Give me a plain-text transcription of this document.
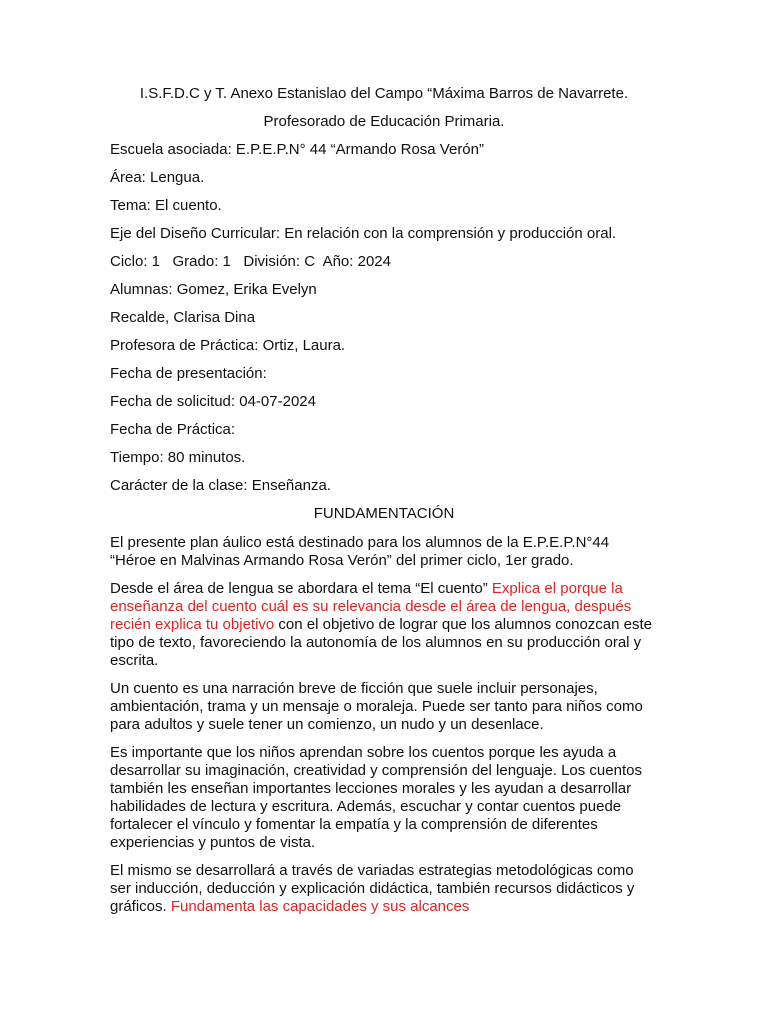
I.S.F.D.C y T. Anexo Estanislao del Campo “Máxima Barros de Navarrete.
Profesorado de Educación Primaria.
Escuela asociada: E.P.E.P.N° 44 “Armando Rosa Verón”
Área: Lengua.
Tema: El cuento.
Eje del Diseño Curricular: En relación con la comprensión y producción oral.
Ciclo: 1   Grado: 1   División: C  Año: 2024
Alumnas: Gomez, Erika Evelyn
Recalde, Clarisa Dina
Profesora de Práctica: Ortiz, Laura.
Fecha de presentación:
Fecha de solicitud: 04-07-2024
Fecha de Práctica:
Tiempo: 80 minutos.
Carácter de la clase: Enseñanza.
FUNDAMENTACIÓN

El presente plan áulico está destinado para los alumnos de la E.P.E.P.N°44 “Héroe en Malvinas Armando Rosa Verón” del primer ciclo, 1er grado.

Desde el área de lengua se abordara el tema “El cuento” Explica el porque la enseñanza del cuento cuál es su relevancia desde el área de lengua, después recién explica tu objetivo con el objetivo de lograr que los alumnos conozcan este tipo de texto, favoreciendo la autonomía de los alumnos en su producción oral y escrita.

Un cuento es una narración breve de ficción que suele incluir personajes, ambientación, trama y un mensaje o moraleja. Puede ser tanto para niños como para adultos y suele tener un comienzo, un nudo y un desenlace.

Es importante que los niños aprendan sobre los cuentos porque les ayuda a desarrollar su imaginación, creatividad y comprensión del lenguaje. Los cuentos también les enseñan importantes lecciones morales y les ayudan a desarrollar habilidades de lectura y escritura. Además, escuchar y contar cuentos puede fortalecer el vínculo y fomentar la empatía y la comprensión de diferentes experiencias y puntos de vista.

El mismo se desarrollará a través de variadas estrategias metodológicas como ser inducción, deducción y explicación didáctica, también recursos didácticos y gráficos. Fundamenta las capacidades y sus alcances
